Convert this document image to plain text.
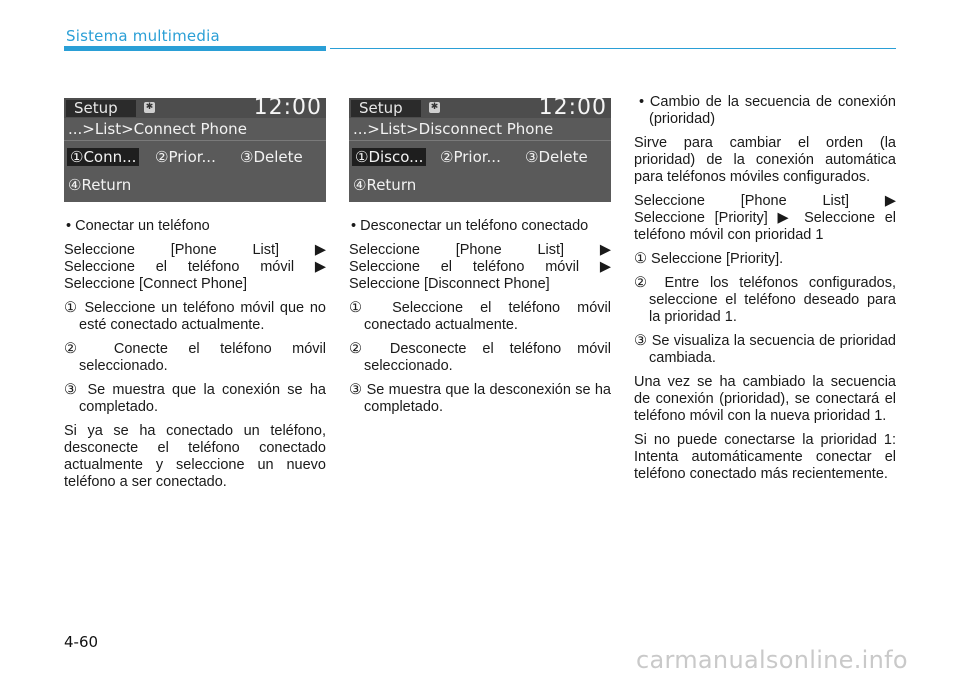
Sistema multimedia
Setup	✱	12:00
...>List>Connect Phone
①Conn... ②Prior... ③Delete
④Return
Setup	✱	12:00
...>List>Disconnect Phone
①Disco... ②Prior... ③Delete
④Return

• Conectar un teléfono

Seleccione [Phone List] ▶

Seleccione el teléfono móvil ▶

Seleccione [Connect Phone]

① Seleccione un teléfono móvil que no esté conectado actualmente.

② Conecte el teléfono móvil seleccionado.

③ Se muestra que la conexión se ha completado.

Si ya se ha conectado un teléfono, desconecte el teléfono conectado actualmente y seleccione un nuevo teléfono a ser conectado.

• Desconectar un teléfono conectado

Seleccione [Phone List] ▶

Seleccione el teléfono móvil ▶

Seleccione [Disconnect Phone]

① Seleccione el teléfono móvil conectado actualmente.

② Desconecte el teléfono móvil seleccionado.

③ Se muestra que la desconexión se ha completado.

• Cambio de la secuencia de conexión (prioridad)

Sirve para cambiar el orden (la prioridad) de la conexión automática para teléfonos móviles configurados.

Seleccione [Phone List] ▶

Seleccione [Priority] ▶ Seleccione el teléfono móvil con prioridad 1

① Seleccione [Priority].

② Entre los teléfonos configurados, seleccione el teléfono deseado para la prioridad 1.

③ Se visualiza la secuencia de prioridad cambiada.

Una vez se ha cambiado la secuencia de conexión (prioridad), se conectará el teléfono móvil con la nueva prioridad 1.

Si no puede conectarse la prioridad 1: Intenta automáticamente conectar el teléfono conectado más recientemente.

4-60
carmanualsonline.info
